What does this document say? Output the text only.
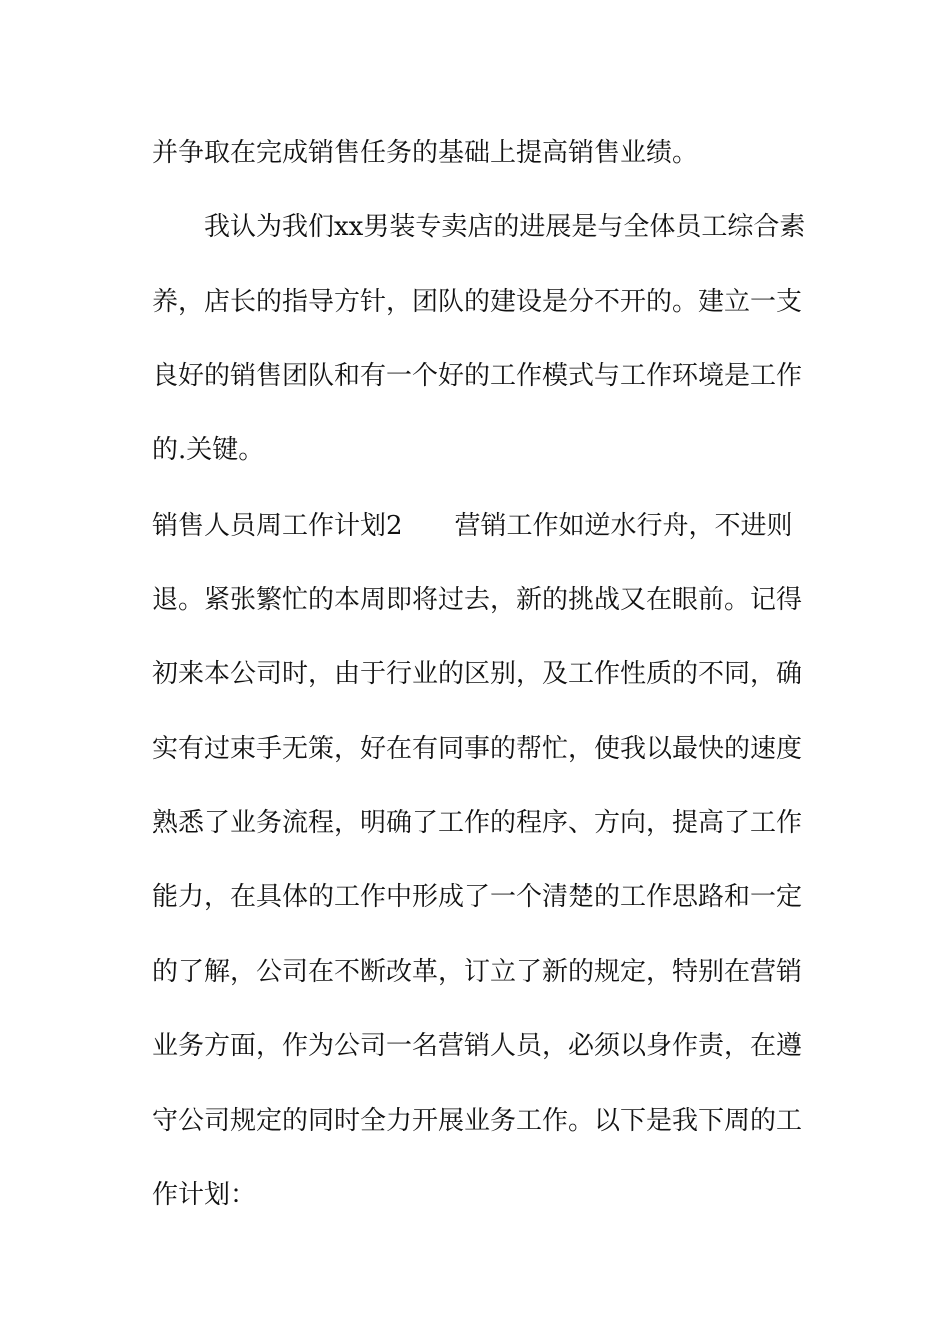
并争取在完成销售任务的基础上提高销售业绩。
我认为我们xx男装专卖店的进展是与全体员工综合素
养，店长的指导方针，团队的建设是分不开的。建立一支
良好的销售团队和有一个好的工作模式与工作环境是工作
的.关键。
销售人员周工作计划2　　营销工作如逆水行舟，不进则
退。紧张繁忙的本周即将过去，新的挑战又在眼前。记得
初来本公司时，由于行业的区别，及工作性质的不同，确
实有过束手无策，好在有同事的帮忙，使我以最快的速度
熟悉了业务流程，明确了工作的程序、方向，提高了工作
能力，在具体的工作中形成了一个清楚的工作思路和一定
的了解，公司在不断改革，订立了新的规定，特别在营销
业务方面，作为公司一名营销人员，必须以身作责，在遵
守公司规定的同时全力开展业务工作。以下是我下周的工
作计划：
